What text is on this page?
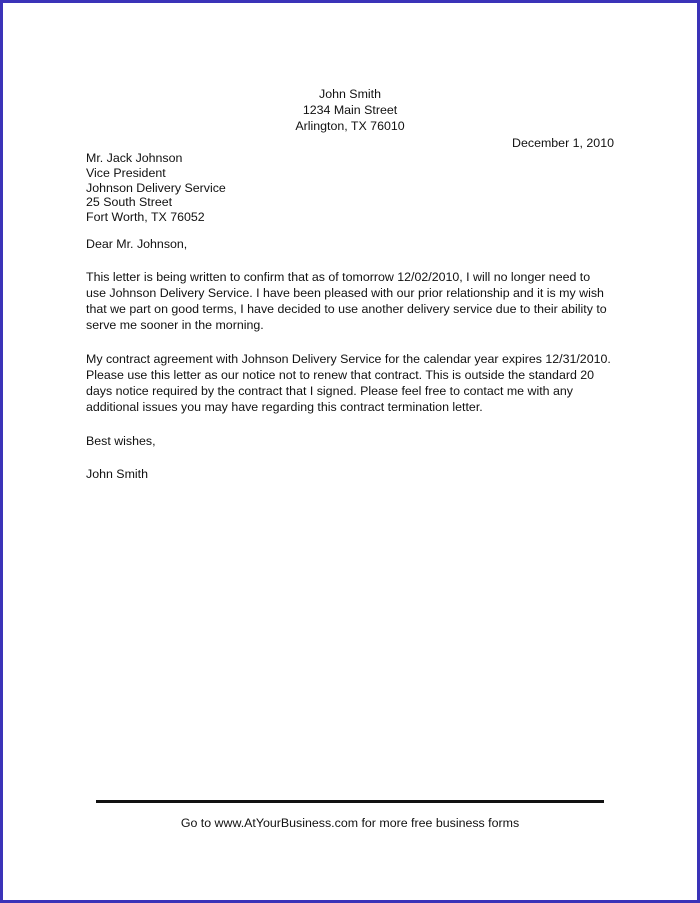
John Smith
1234 Main Street
Arlington, TX 76010
December 1, 2010
Mr. Jack Johnson
Vice President
Johnson Delivery Service
25 South Street
Fort Worth, TX 76052
Dear Mr. Johnson,
This letter is being written to confirm that as of tomorrow 12/02/2010, I will no longer need to
use Johnson Delivery Service. I have been pleased with our prior relationship and it is my wish
that we part on good terms, I have decided to use another delivery service due to their ability to
serve me sooner in the morning.
My contract agreement with Johnson Delivery Service for the calendar year expires 12/31/2010.
Please use this letter as our notice not to renew that contract. This is outside the standard 20
days notice required by the contract that I signed. Please feel free to contact me with any
additional issues you may have regarding this contract termination letter.
Best wishes,
John Smith
Go to www.AtYourBusiness.com for more free business forms
